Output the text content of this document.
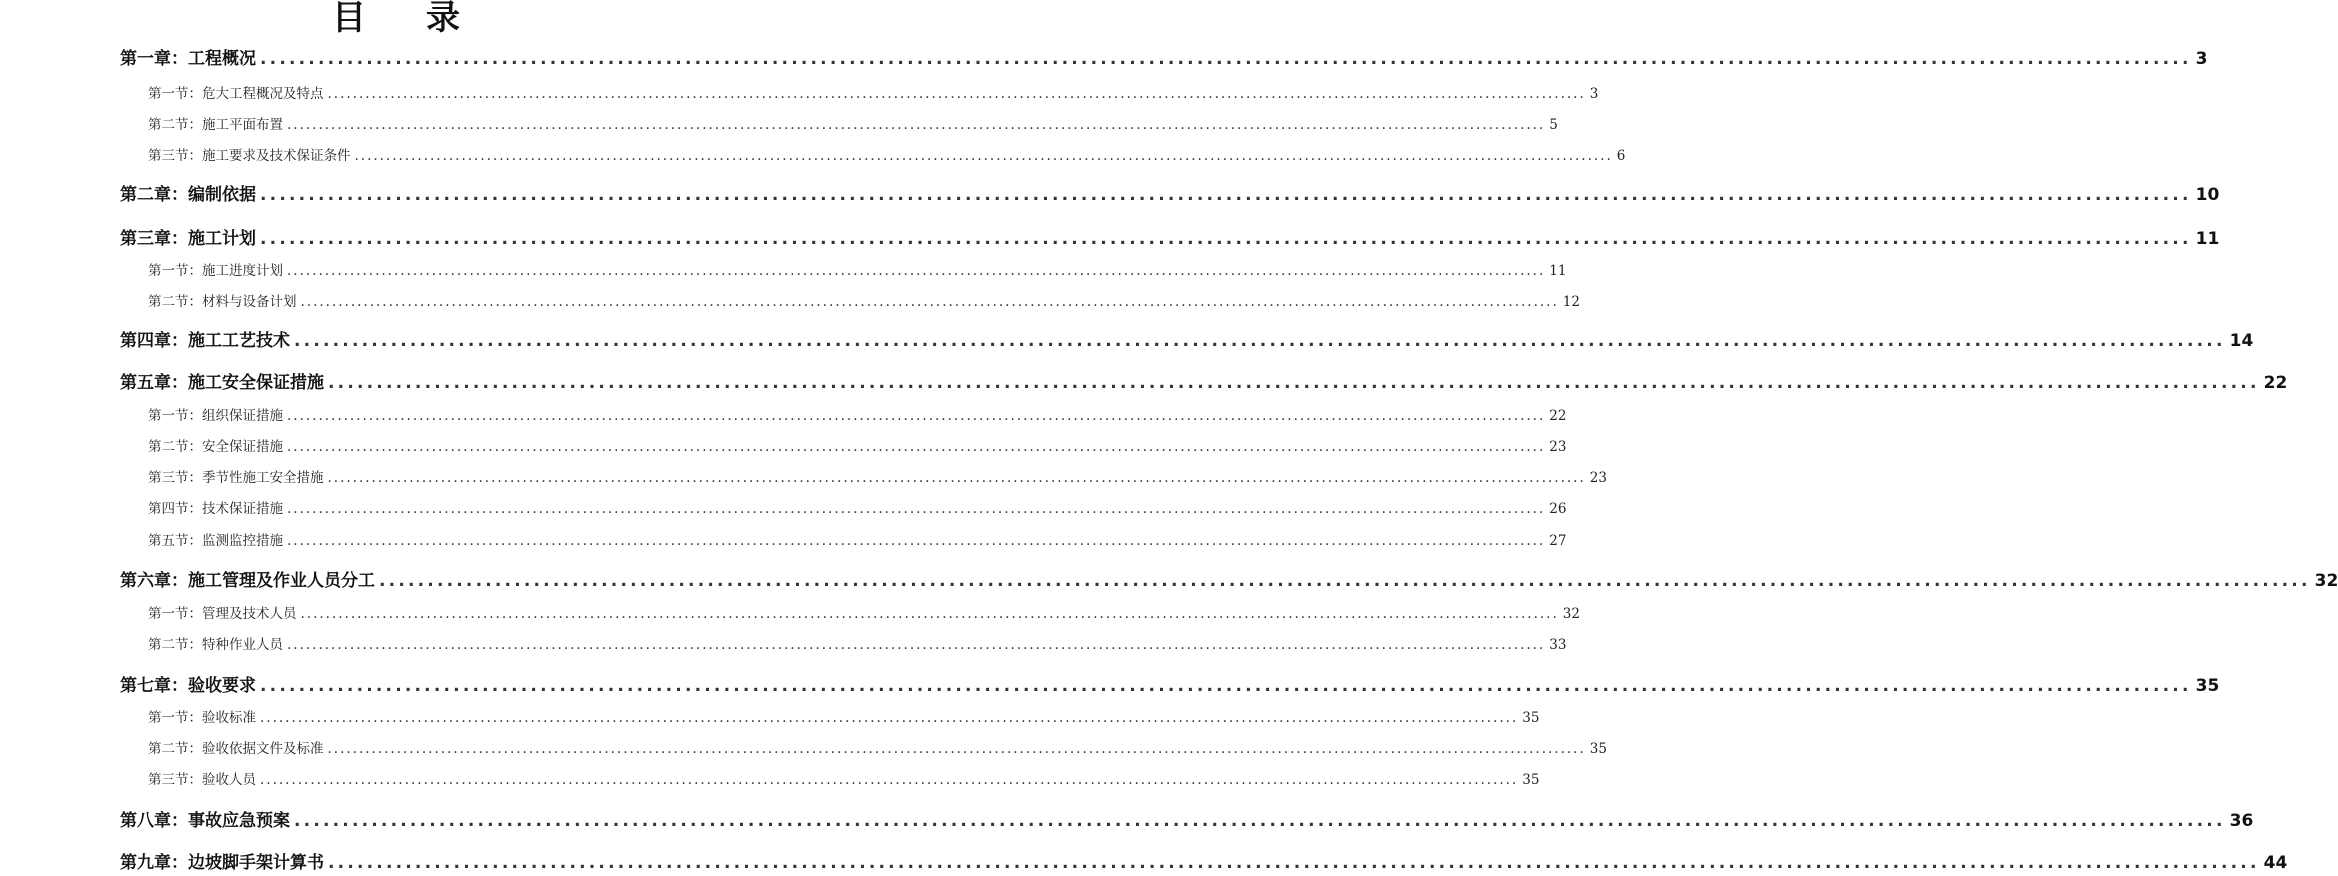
目录
第一章：工程概况 ........................................................................................................................................................................................................ 3
第一节：危大工程概况及特点 ........................................................................................................................................................................................................ 3
第二节：施工平面布置 ........................................................................................................................................................................................................ 5
第三节：施工要求及技术保证条件 ........................................................................................................................................................................................................ 6
第二章：编制依据 ........................................................................................................................................................................................................ 10
第三章：施工计划 ........................................................................................................................................................................................................ 11
第一节：施工进度计划 ........................................................................................................................................................................................................ 11
第二节：材料与设备计划 ........................................................................................................................................................................................................ 12
第四章：施工工艺技术 ........................................................................................................................................................................................................ 14
第五章：施工安全保证措施 ........................................................................................................................................................................................................ 22
第一节：组织保证措施 ........................................................................................................................................................................................................ 22
第二节：安全保证措施 ........................................................................................................................................................................................................ 23
第三节：季节性施工安全措施 ........................................................................................................................................................................................................ 23
第四节：技术保证措施 ........................................................................................................................................................................................................ 26
第五节：监测监控措施 ........................................................................................................................................................................................................ 27
第六章：施工管理及作业人员分工 ........................................................................................................................................................................................................ 32
第一节：管理及技术人员 ........................................................................................................................................................................................................ 32
第二节：特种作业人员 ........................................................................................................................................................................................................ 33
第七章：验收要求 ........................................................................................................................................................................................................ 35
第一节：验收标准 ........................................................................................................................................................................................................ 35
第二节：验收依据文件及标准 ........................................................................................................................................................................................................ 35
第三节：验收人员 ........................................................................................................................................................................................................ 35
第八章：事故应急预案 ........................................................................................................................................................................................................ 36
第九章：边坡脚手架计算书 ........................................................................................................................................................................................................ 44
